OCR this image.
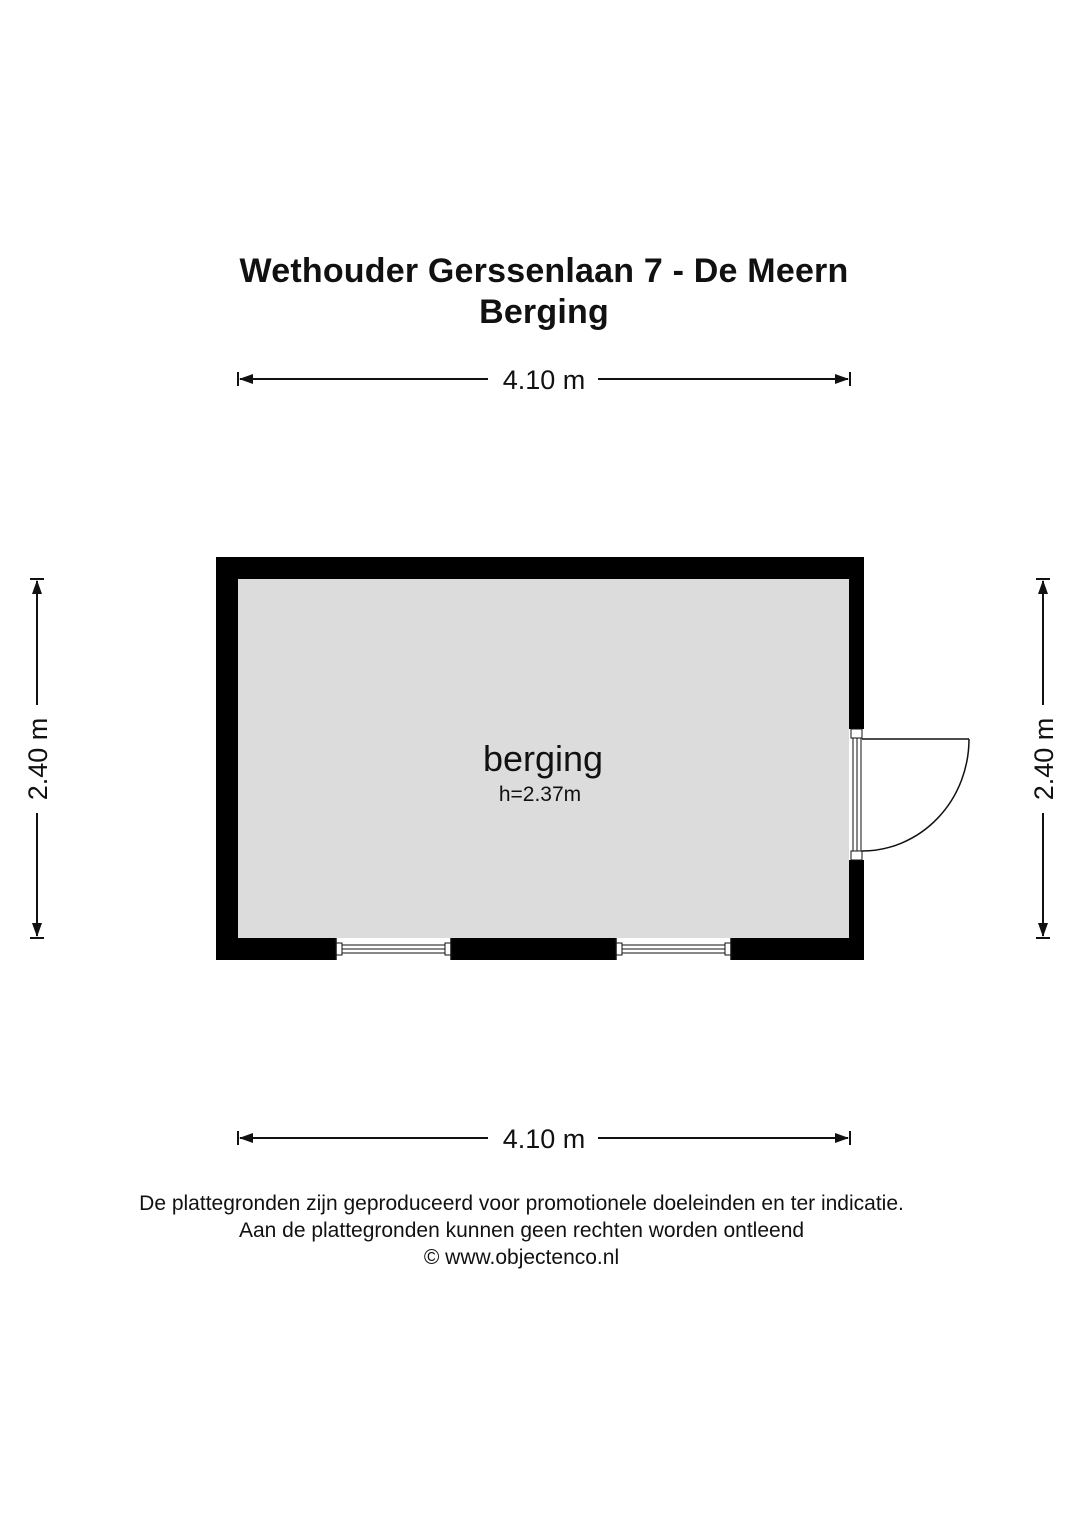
Wethouder Gerssenlaan 7 - De Meern
Berging
4.10 m
4.10 m
2.40 m	2.40 m
berging
h=2.37m
De plattegronden zijn geproduceerd voor promotionele doeleinden en ter indicatie.
Aan de plattegronden kunnen geen rechten worden ontleend
© www.objectenco.nl
